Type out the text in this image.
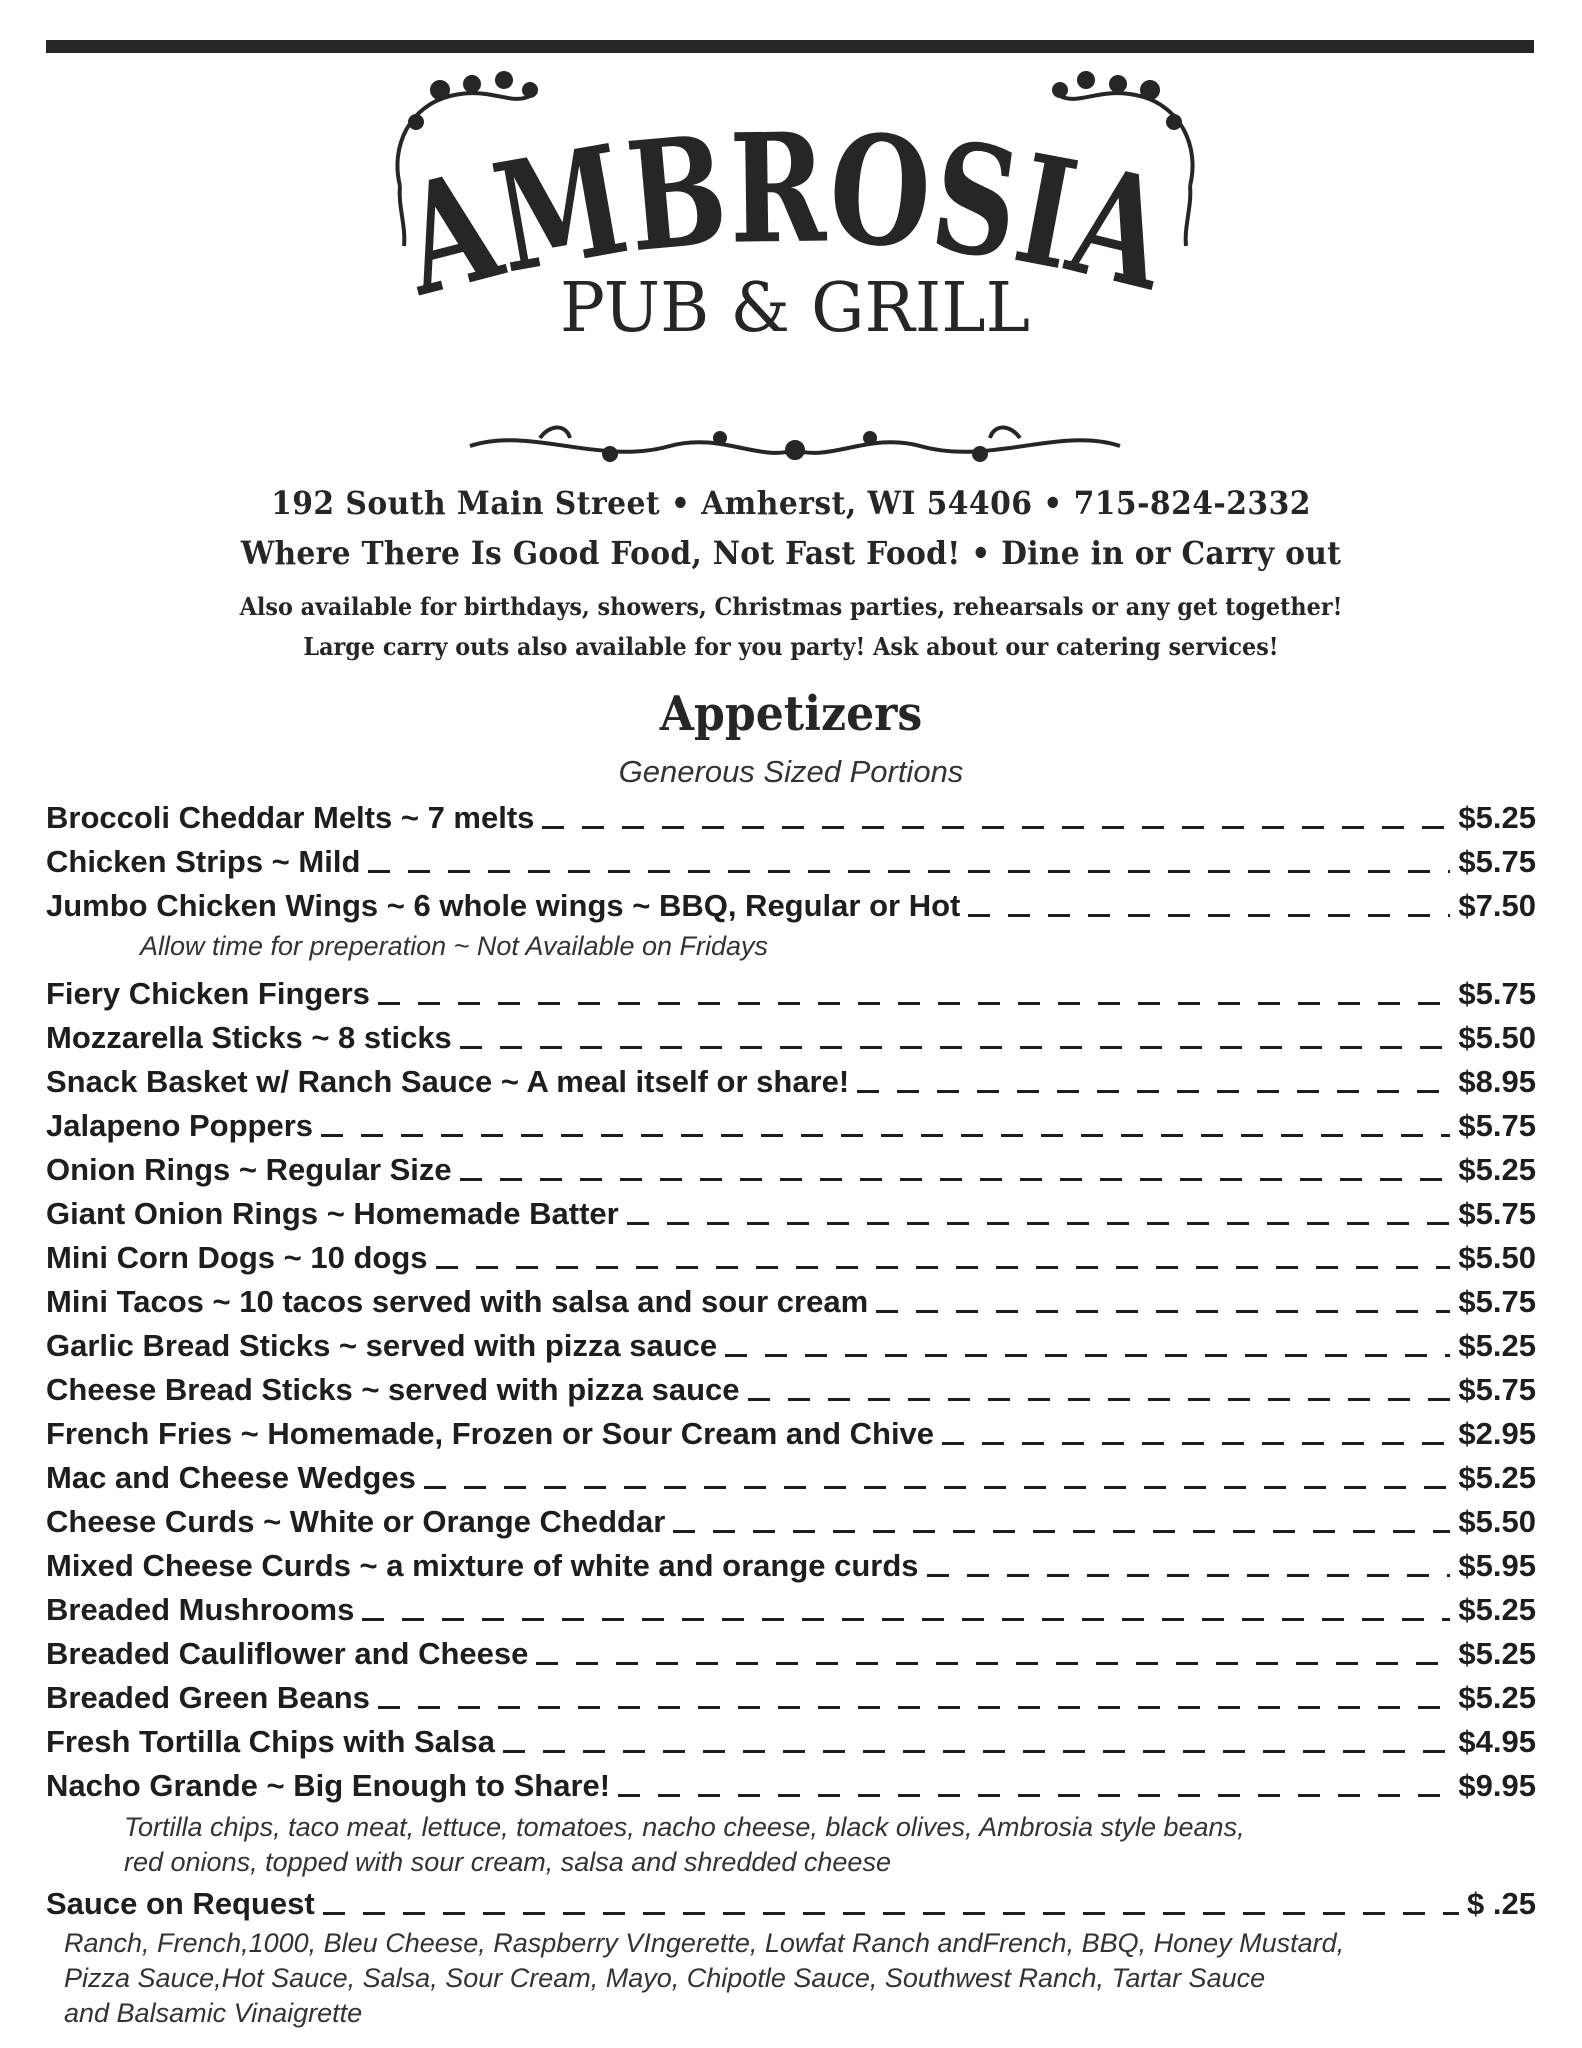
AMBROSIA
PUB & GRILL
192 South Main Street • Amherst, WI 54406 • 715-824-2332
Where There Is Good Food, Not Fast Food! • Dine in or Carry out
Also available for birthdays, showers, Christmas parties, rehearsals or any get together!
Large carry outs also available for you party! Ask about our catering services!
Appetizers
Generous Sized Portions
Broccoli Cheddar Melts ~ 7 melts	$5.25
Chicken Strips ~ Mild	$5.75
Jumbo Chicken Wings ~ 6 whole wings ~ BBQ, Regular or Hot	$7.50
Allow time for preperation ~ Not Available on Fridays
Fiery Chicken Fingers	$5.75
Mozzarella Sticks ~ 8 sticks	$5.50
Snack Basket w/ Ranch Sauce ~ A meal itself or share!	$8.95
Jalapeno Poppers	$5.75
Onion Rings ~ Regular Size	$5.25
Giant Onion Rings ~ Homemade Batter	$5.75
Mini Corn Dogs ~ 10 dogs	$5.50
Mini Tacos ~ 10 tacos served with salsa and sour cream	$5.75
Garlic Bread Sticks ~ served with pizza sauce	$5.25
Cheese Bread Sticks ~ served with pizza sauce	$5.75
French Fries ~ Homemade, Frozen or Sour Cream and Chive	$2.95
Mac and Cheese Wedges	$5.25
Cheese Curds ~ White or Orange Cheddar	$5.50
Mixed Cheese Curds ~ a mixture of white and orange curds	$5.95
Breaded Mushrooms	$5.25
Breaded Cauliflower and Cheese	$5.25
Breaded Green Beans	$5.25
Fresh Tortilla Chips with Salsa	$4.95
Nacho Grande ~ Big Enough to Share!	$9.95
Tortilla chips, taco meat, lettuce, tomatoes, nacho cheese, black olives, Ambrosia style beans,
red onions, topped with sour cream, salsa and shredded cheese
Sauce on Request	$ .25
Ranch, French,1000, Bleu Cheese, Raspberry VIngerette, Lowfat Ranch andFrench, BBQ, Honey Mustard,
Pizza Sauce,Hot Sauce, Salsa, Sour Cream, Mayo, Chipotle Sauce, Southwest Ranch, Tartar Sauce
and Balsamic Vinaigrette
